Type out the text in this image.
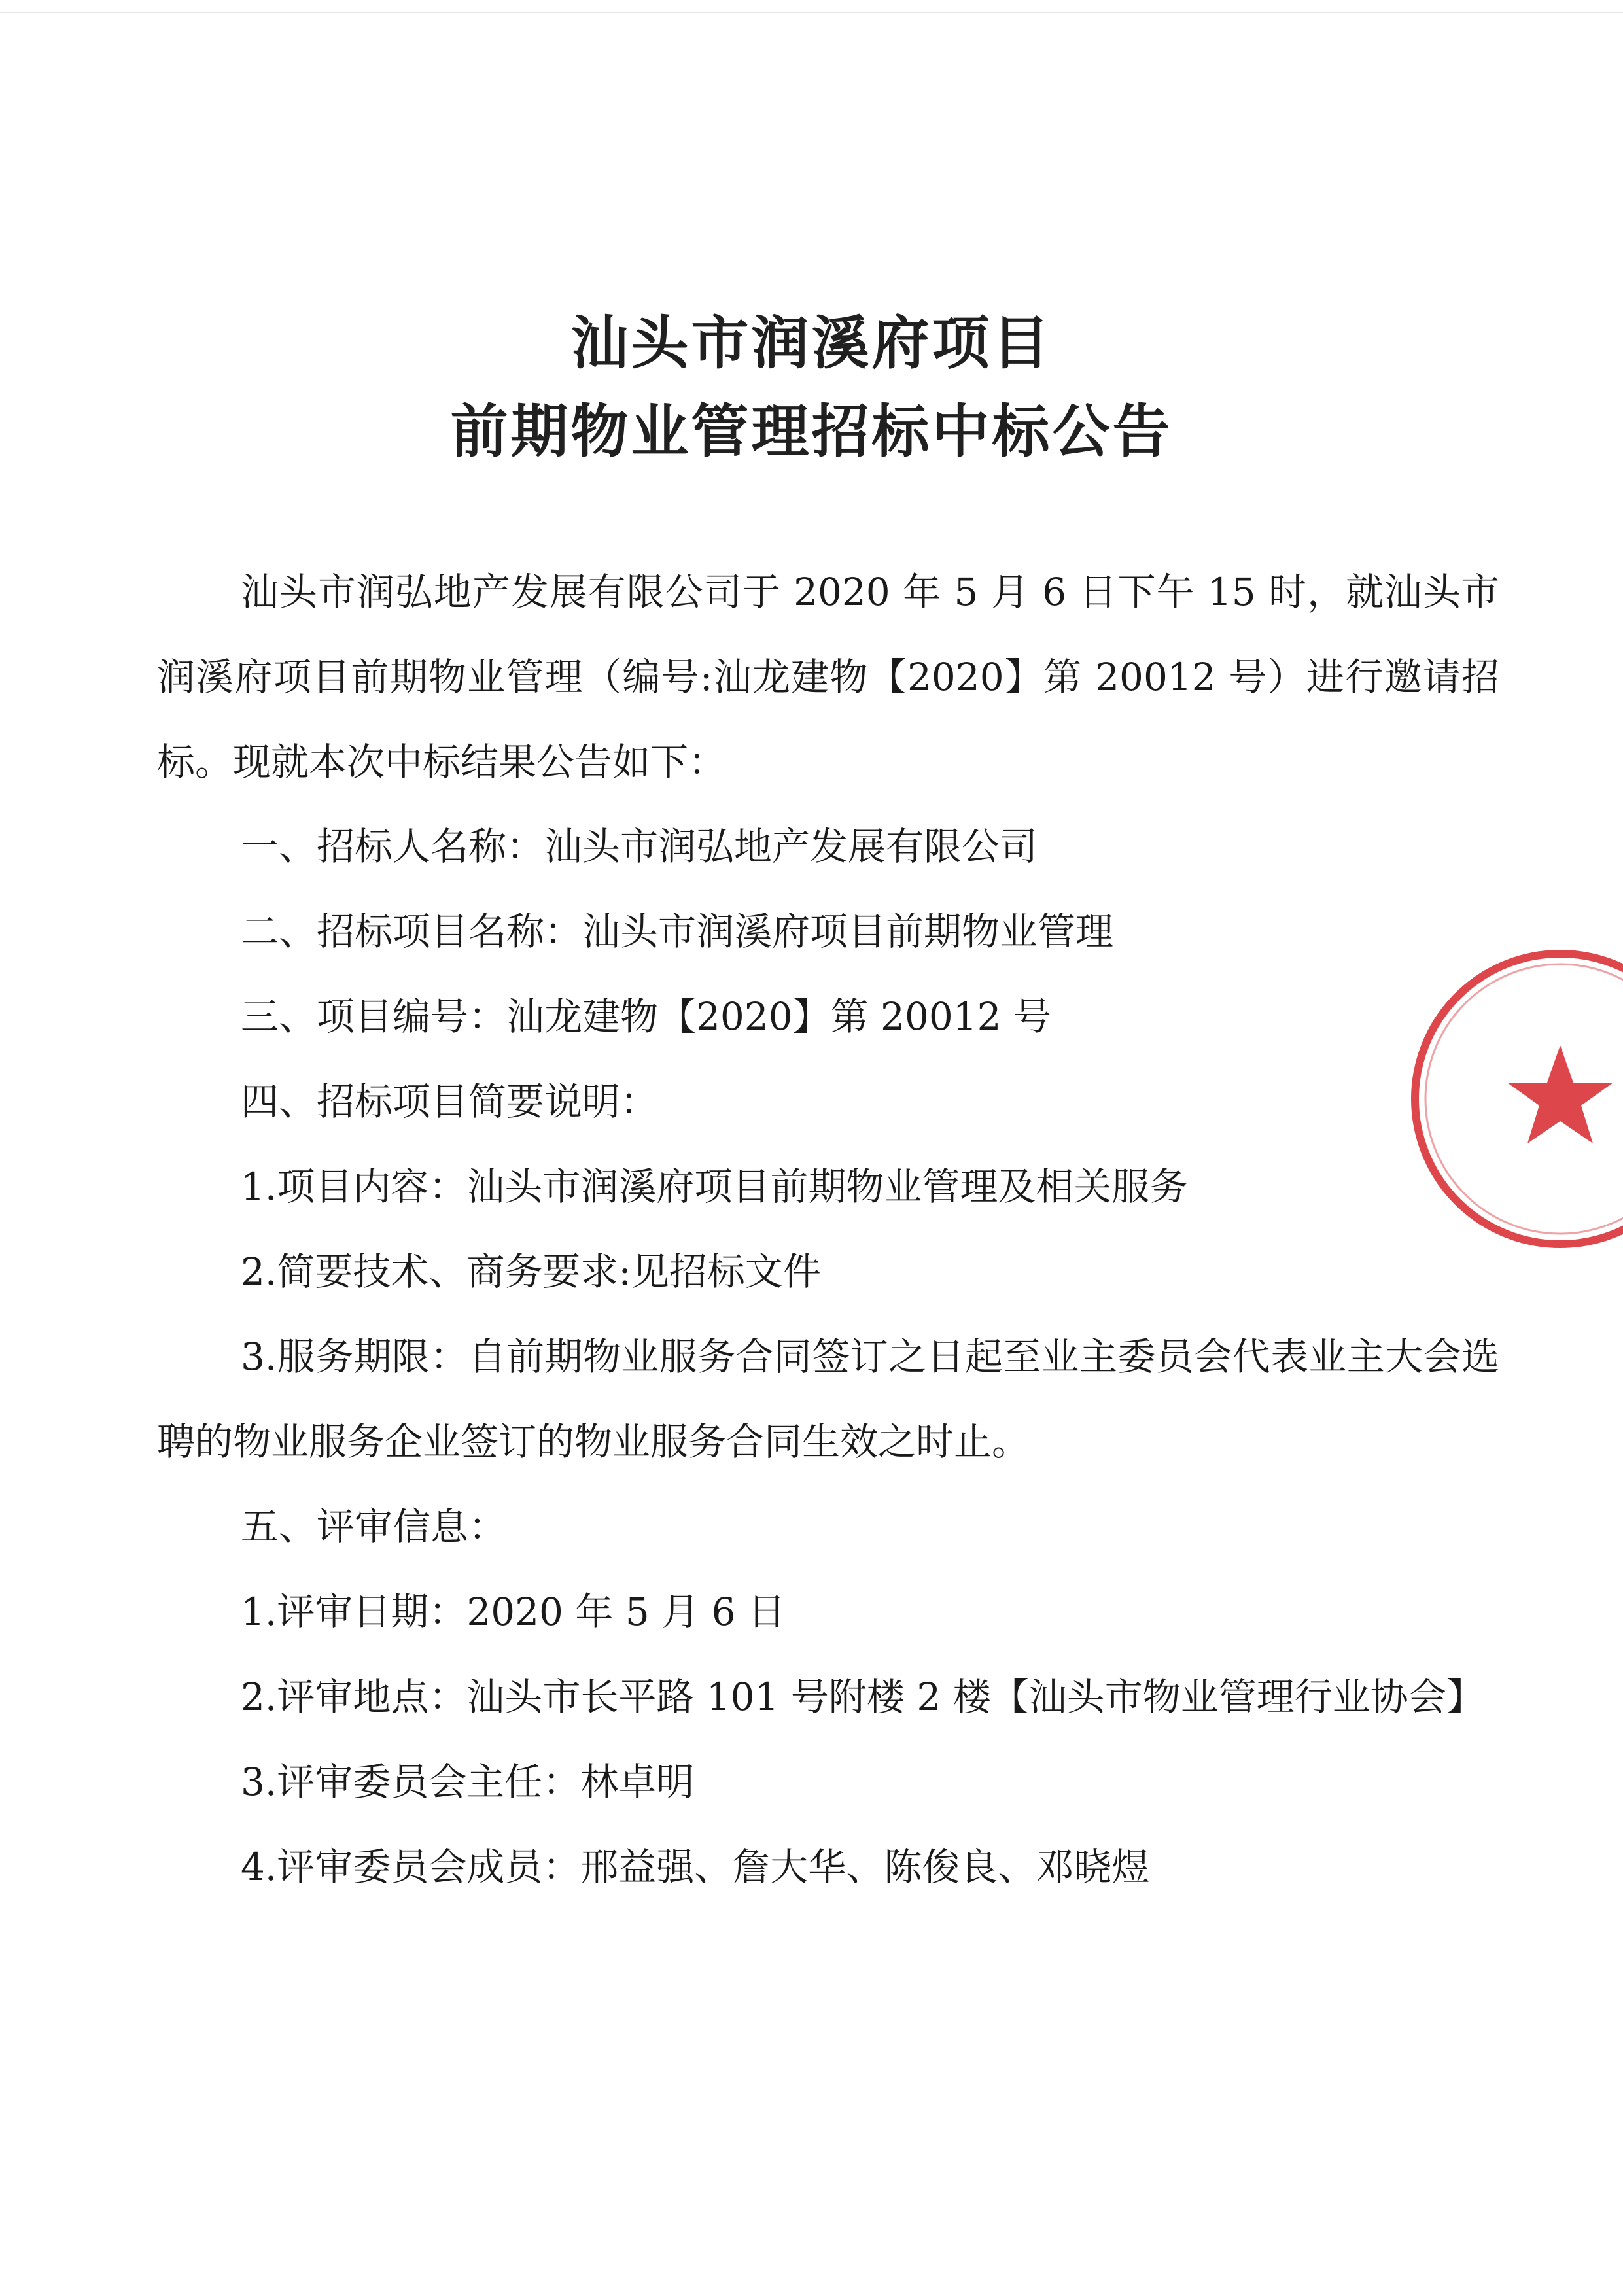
汕头市润溪府项目
前期物业管理招标中标公告
汕头市润弘地产发展有限公司于 2020 年 5 月 6 日下午 15 时，就汕头市润溪府项目前期物业管理（编号:汕龙建物【2020】第 20012 号）进行邀请招标。现就本次中标结果公告如下：
一、招标人名称：汕头市润弘地产发展有限公司
二、招标项目名称：汕头市润溪府项目前期物业管理
三、项目编号：汕龙建物【2020】第 20012 号
四、招标项目简要说明：
1.项目内容：汕头市润溪府项目前期物业管理及相关服务
2.简要技术、商务要求:见招标文件
3.服务期限：自前期物业服务合同签订之日起至业主委员会代表业主大会选聘的物业服务企业签订的物业服务合同生效之时止。
五、评审信息：
1.评审日期：2020 年 5 月 6 日
2.评审地点：汕头市长平路 101 号附楼 2 楼【汕头市物业管理行业协会】
3.评审委员会主任：林卓明
4.评审委员会成员：邢益强、詹大华、陈俊良、邓晓煜
